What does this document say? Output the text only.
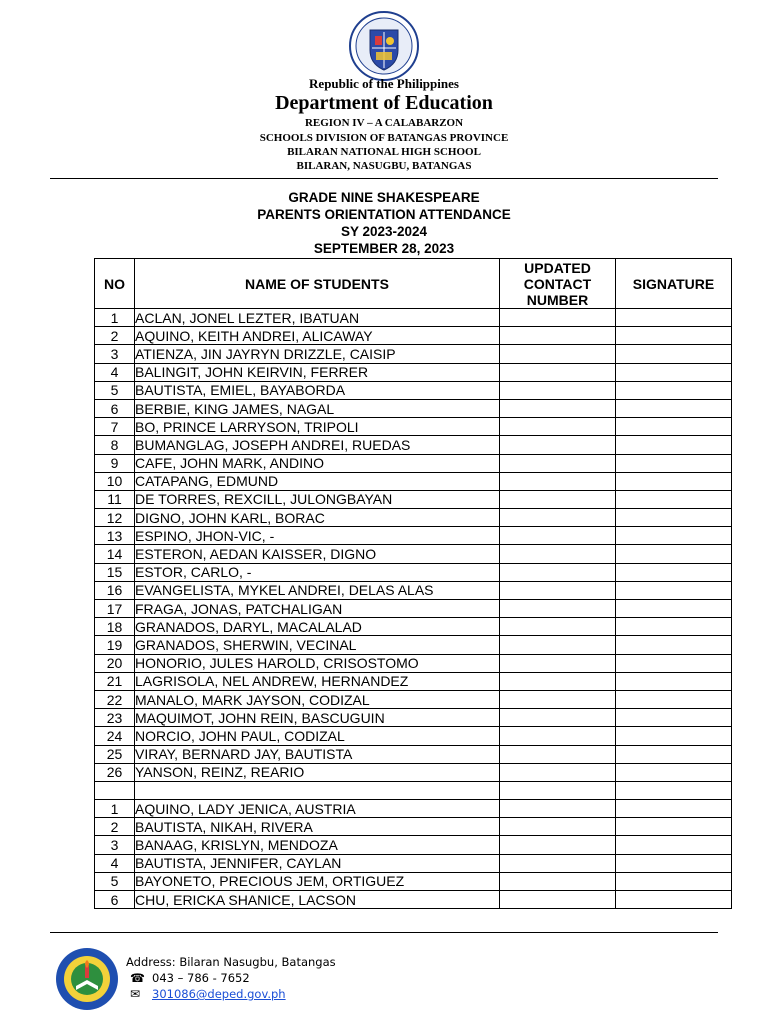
Republic of the Philippines
Department of Education
REGION IV – A CALABARZON
SCHOOLS DIVISION OF BATANGAS PROVINCE
BILARAN NATIONAL HIGH SCHOOL
BILARAN, NASUGBU, BATANGAS
GRADE NINE SHAKESPEARE
PARENTS ORIENTATION ATTENDANCE
SY 2023-2024
SEPTEMBER 28, 2023
NO	NAME OF STUDENTS	UPDATED CONTACT NUMBER	SIGNATURE
1	ACLAN, JONEL LEZTER, IBATUAN		
2	AQUINO, KEITH ANDREI, ALICAWAY		
3	ATIENZA, JIN JAYRYN DRIZZLE, CAISIP		
4	BALINGIT, JOHN KEIRVIN, FERRER		
5	BAUTISTA, EMIEL, BAYABORDA		
6	BERBIE, KING JAMES, NAGAL		
7	BO, PRINCE LARRYSON, TRIPOLI		
8	BUMANGLAG, JOSEPH ANDREI, RUEDAS		
9	CAFE, JOHN MARK, ANDINO		
10	CATAPANG, EDMUND		
11	DE TORRES, REXCILL, JULONGBAYAN		
12	DIGNO, JOHN KARL, BORAC		
13	ESPINO, JHON-VIC, -		
14	ESTERON, AEDAN KAISSER, DIGNO		
15	ESTOR, CARLO, -		
16	EVANGELISTA, MYKEL ANDREI, DELAS ALAS		
17	FRAGA, JONAS, PATCHALIGAN		
18	GRANADOS, DARYL, MACALALAD		
19	GRANADOS, SHERWIN, VECINAL		
20	HONORIO, JULES HAROLD, CRISOSTOMO		
21	LAGRISOLA, NEL ANDREW, HERNANDEZ		
22	MANALO, MARK JAYSON, CODIZAL		
23	MAQUIMOT, JOHN REIN, BASCUGUIN		
24	NORCIO, JOHN PAUL, CODIZAL		
25	VIRAY, BERNARD JAY, BAUTISTA		
26	YANSON, REINZ, REARIO		

1	AQUINO, LADY JENICA, AUSTRIA		
2	BAUTISTA, NIKAH, RIVERA		
3	BANAAG, KRISLYN, MENDOZA		
4	BAUTISTA, JENNIFER, CAYLAN		
5	BAYONETO, PRECIOUS JEM, ORTIGUEZ		
6	CHU, ERICKA SHANICE, LACSON		
Address: Bilaran Nasugbu, Batangas
☎ 043 – 786 - 7652
✉ 301086@deped.gov.ph
